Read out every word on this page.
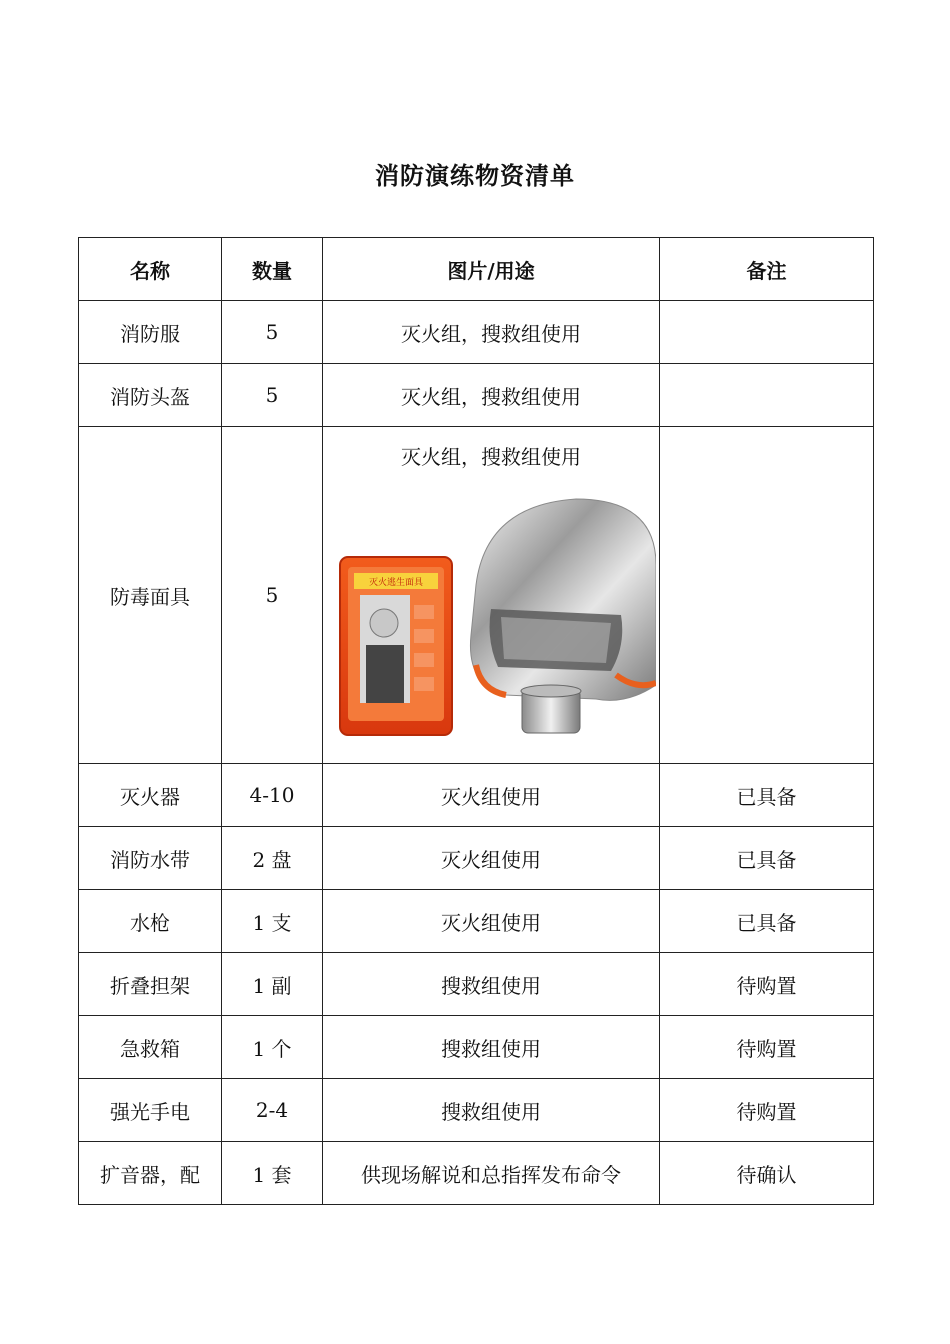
消防演练物资清单
名称	数量	图片/用途	备注
消防服	5	灭火组，搜救组使用	
消防头盔	5	灭火组，搜救组使用	
防毒面具	5	灭火组，搜救组使用
灭火逃生面具	

灭火器	4-10	灭火组使用	已具备
消防水带	2 盘	灭火组使用	已具备
水枪	1 支	灭火组使用	已具备
折叠担架	1 副	搜救组使用	待购置
急救箱	1 个	搜救组使用	待购置
强光手电	2-4	搜救组使用	待购置
扩音器，配	1 套	供现场解说和总指挥发布命令	待确认
